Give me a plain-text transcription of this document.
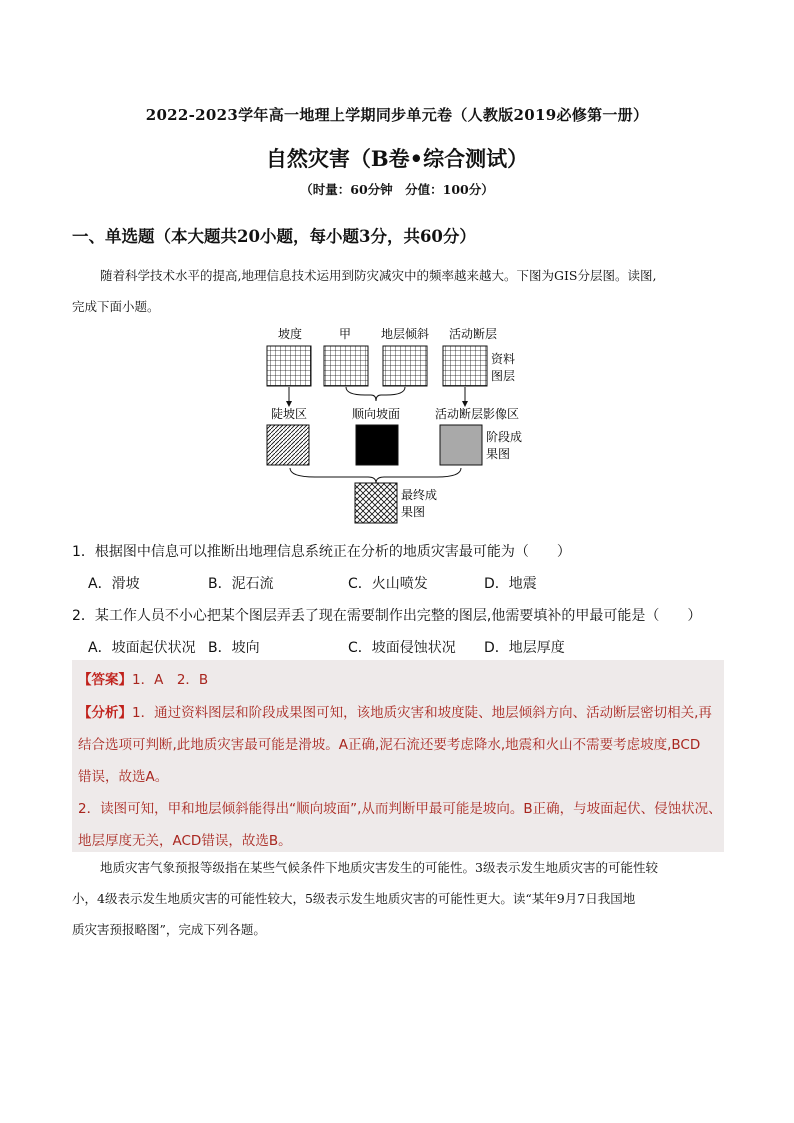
2022-2023学年高一地理上学期同步单元卷（人教版2019必修第一册）
自然灾害（B卷•综合测试）
（时量：60分钟　分值：100分）
一、单选题（本大题共20小题，每小题3分，共60分）
随着科学技术水平的提高,地理信息技术运用到防灾减灾中的频率越来越大。下图为GIS分层图。读图,
完成下面小题。
坡度	甲 地层倾斜 活动断层
资料
图层
陡坡区	顺向坡面	活动断层影像区
阶段成
果图
最终成
果图
1．根据图中信息可以推断出地理信息系统正在分析的地质灾害最可能为（　　）
A．滑坡	B．泥石流	C．火山喷发	D．地震
2．某工作人员不小心把某个图层弄丢了现在需要制作出完整的图层,他需要填补的甲最可能是（　　）
A．坡面起伏状况 B．坡向	C．坡面侵蚀状况 D．地层厚度
【答案】1．A　2．B
【分析】1．通过资料图层和阶段成果图可知，该地质灾害和坡度陡、地层倾斜方向、活动断层密切相关,再
结合选项可判断,此地质灾害最可能是滑坡。A正确,泥石流还要考虑降水,地震和火山不需要考虑坡度,BCD
错误，故选A。
2．读图可知，甲和地层倾斜能得出“顺向坡面”,从而判断甲最可能是坡向。B正确，与坡面起伏、侵蚀状况、
地层厚度无关，ACD错误，故选B。
地质灾害气象预报等级指在某些气候条件下地质灾害发生的可能性。3级表示发生地质灾害的可能性较
小，4级表示发生地质灾害的可能性较大，5级表示发生地质灾害的可能性更大。读“某年9月7日我国地
质灾害预报略图”，完成下列各题。
